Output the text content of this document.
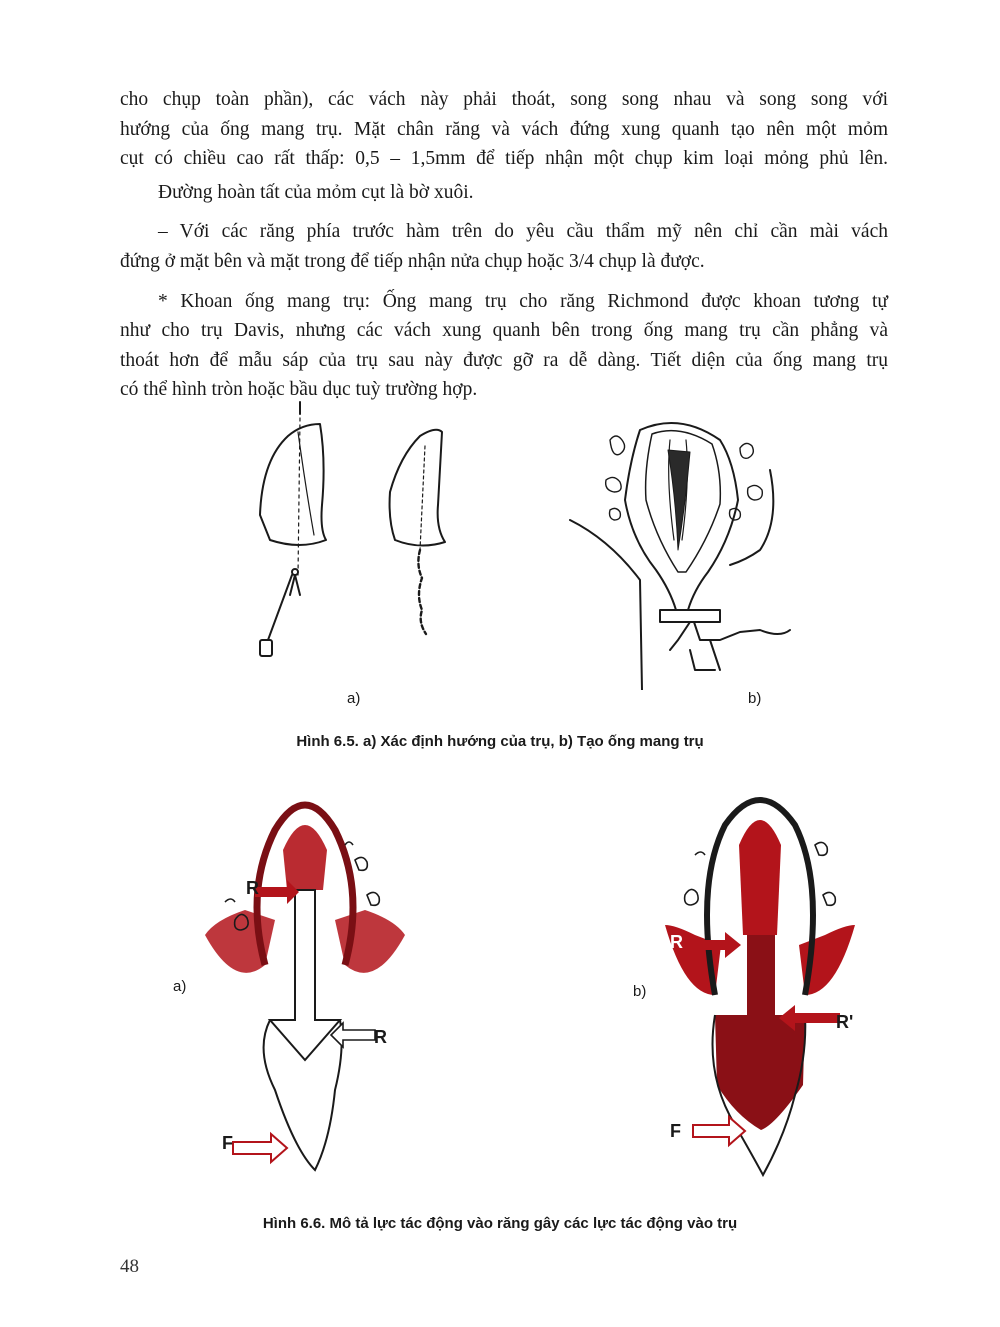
cho chụp toàn phần), các vách này phải thoát, song song nhau và song song với

hướng của ống mang trụ. Mặt chân răng và vách đứng xung quanh tạo nên một mỏm

cụt có chiều cao rất thấp: 0,5 – 1,5mm để tiếp nhận một chụp kim loại mỏng phủ lên.

Đường hoàn tất của mỏm cụt là bờ xuôi.

– Với các răng phía trước hàm trên do yêu cầu thẩm mỹ nên chỉ cần mài vách

đứng ở mặt bên và mặt trong để tiếp nhận nửa chụp hoặc 3/4 chụp là được.

* Khoan ống mang trụ: Ống mang trụ cho răng Richmond được khoan tương tự

như cho trụ Davis, nhưng các vách xung quanh bên trong ống mang trụ cần phẳng và

thoát hơn để mẫu sáp của trụ sau này được gỡ ra dễ dàng. Tiết diện của ống mang trụ

có thể hình tròn hoặc bầu dục tuỳ trường hợp.

a)	b)
Hình 6.5. a) Xác định hướng của trụ, b) Tạo ống mang trụ
R
R
F
a)
R
R'
F
b)
Hình 6.6. Mô tả lực tác động vào răng gây các lực tác động vào trụ
48
